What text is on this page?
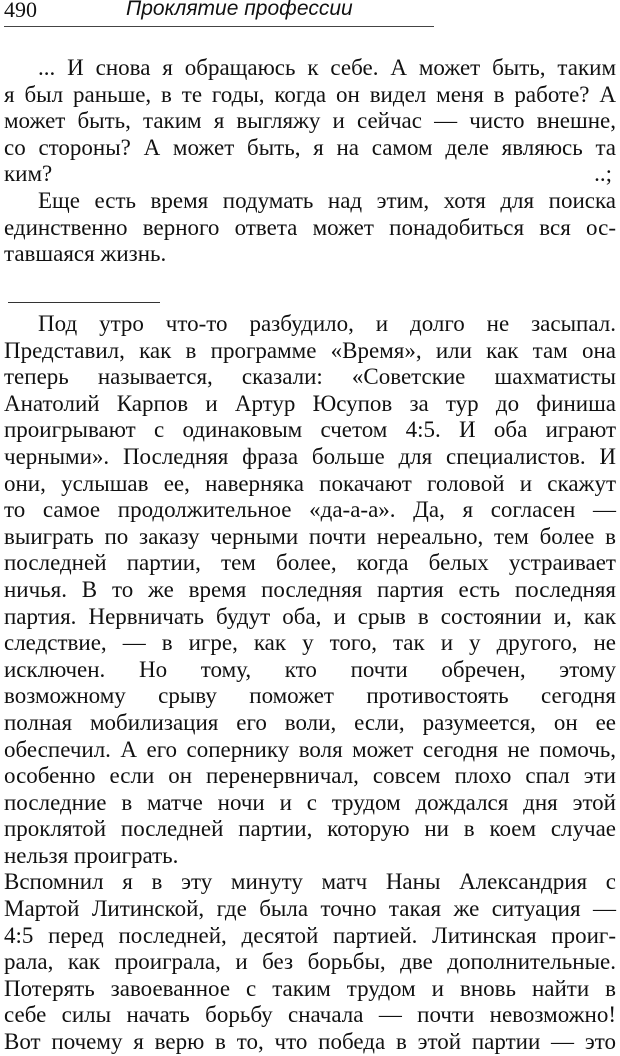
490	Проклятие профессии
... И снова я обращаюсь к себе. А может быть, таким
я был раньше, в те годы, когда он видел меня в работе? А
может быть, таким я выгляжу и сейчас — чисто внешне,
со стороны? А может быть, я на самом деле являюсь та
ким?	..;
Еще есть время подумать над этим, хотя для поиска
единственно верного ответа может понадобиться вся ос-
тавшаяся жизнь.
Под утро что-то разбудило, и долго не засыпал.
Представил, как в программе «Время», или как там она
теперь называется, сказали: «Советские шахматисты
Анатолий Карпов и Артур Юсупов за тур до финиша
проигрывают с одинаковым счетом 4:5. И оба играют
черными». Последняя фраза больше для специалистов. И
они, услышав ее, наверняка покачают головой и скажут
то самое продолжительное «да-а-а». Да, я согласен —
выиграть по заказу черными почти нереально, тем более в
последней партии, тем более, когда белых устраивает
ничья. В то же время последняя партия есть последняя
партия. Нервничать будут оба, и срыв в состоянии и, как
следствие, — в игре, как у того, так и у другого, не
исключен. Но тому, кто почти обречен, этому
возможному срыву поможет противостоять сегодня
полная мобилизация его воли, если, разумеется, он ее
обеспечил. А его сопернику воля может сегодня не помочь,
особенно если он перенервничал, совсем плохо спал эти
последние в матче ночи и с трудом дождался дня этой
проклятой последней партии, которую ни в коем случае
нельзя проиграть.
Вспомнил я в эту минуту матч Наны Александрия с
Мартой Литинской, где была точно такая же ситуация —
4:5 перед последней, десятой партией. Литинская проиг-
рала, как проиграла, и без борьбы, две дополнительные.
Потерять завоеванное с таким трудом и вновь найти в
себе силы начать борьбу сначала — почти невозможно!
Вот почему я верю в то, что победа в этой партии — это
